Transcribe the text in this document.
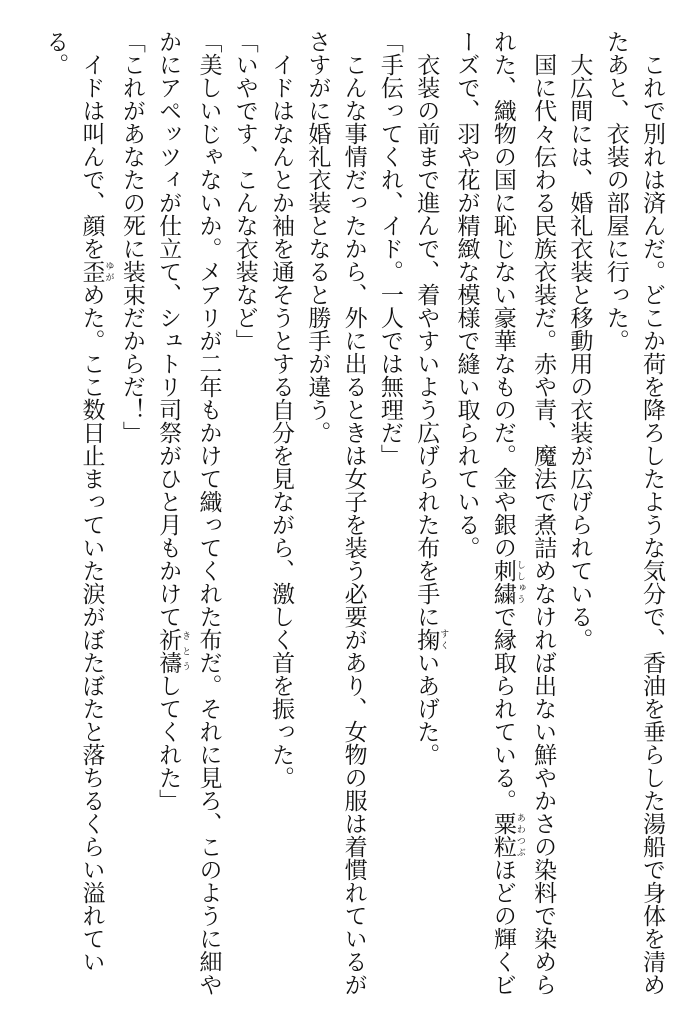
　これで別れは済んだ。どこか荷を降ろしたような気分で、香油を垂らした湯船で身体を清め
たあと、衣装の部屋に行った。
　大広間には、婚礼衣装と移動用の衣装が広げられている。
　国に代々伝わる民族衣装だ。赤や青、魔法で煮詰めなければ出ない鮮やかさの染料で染めら
れた、織物の国に恥じない豪華なものだ。金や銀の刺繍 ししゅうで縁取られている。粟粒 あわつぶほどの輝くビ
ーズで、羽や花が精緻な模様で縫い取られている。
　衣装の前まで進んで、着やすいよう広げられた布を手に掬 すくいあげた。
「手伝ってくれ、イド。一人では無理だ」
　こんな事情だったから、外に出るときは女子を装う必要があり、女物の服は着慣れているが
さすがに婚礼衣装となると勝手が違う。
　イドはなんとか袖を通そうとする自分を見ながら、激しく首を振った。
「いやです、こんな衣装など」
「美しいじゃないか。メアリが二年もかけて織ってくれた布だ。それに見ろ、このように細や
かにアペッツィが仕立て、シュトリ司祭がひと月もかけて祈禱 きとうしてくれた」
「これがあなたの死に装束だからだ！」
　イドは叫んで、顔を歪 ゆがめた。ここ数日止まっていた涙がぼたぼたと落ちるくらい溢れてい
る。
